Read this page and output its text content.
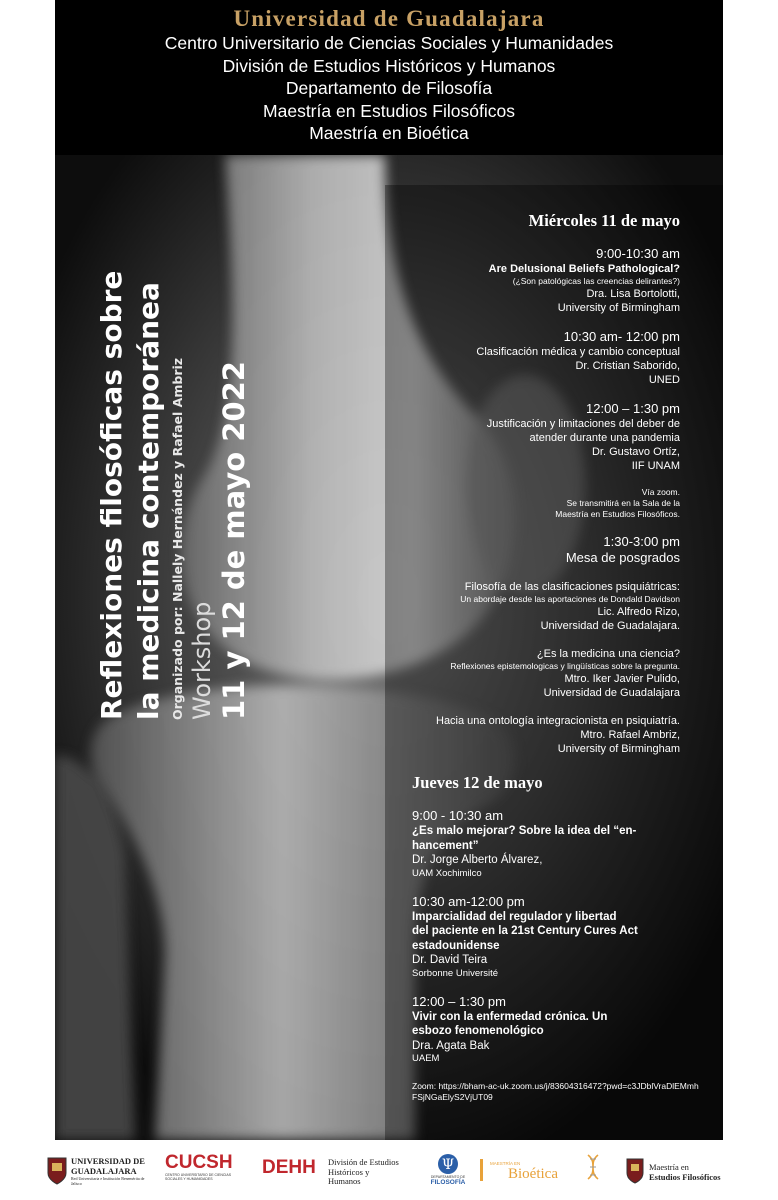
Universidad de Guadalajara
Centro Universitario de Ciencias Sociales y Humanidades
División de Estudios Históricos y Humanos
Departamento de Filosofía
Maestría en Estudios Filosóficos
Maestría en Bioética
Reflexiones filosóficas sobre la medicina contemporánea Organizado por: Nallely Hernández y Rafael Ambriz Workshop 11 y 12 de mayo 2022
Miércoles 11 de mayo
9:00-10:30 am
Are Delusional Beliefs Pathological?
(¿Son patológicas las creencias delirantes?)
Dra. Lisa Bortolotti,
University of Birmingham
10:30 am- 12:00 pm
Clasificación médica y cambio conceptual
Dr. Cristian Saborido,
UNED
12:00 – 1:30 pm
Justificación y limitaciones del deber de
atender durante una pandemia
Dr. Gustavo Ortíz,
IIF UNAM
Vía zoom.
Se transmitirá en la Sala de la
Maestría en Estudios Filosóficos.
1:30-3:00 pm
Mesa de posgrados
Filosofía de las clasificaciones psiquiátricas:
Un abordaje desde las aportaciones de Dondald Davidson
Lic. Alfredo Rizo,
Universidad de Guadalajara.
¿Es la medicina una ciencia?
Reflexiones epistemologicas y lingüísticas sobre la pregunta.
Mtro. Iker Javier Pulido,
Universidad de Guadalajara
Hacia una ontología integracionista en psiquiatría.
Mtro. Rafael Ambriz,
University of Birmingham
Jueves 12 de mayo
9:00 - 10:30 am
¿Es malo mejorar? Sobre la idea del “en-
hancement”
Dr. Jorge Alberto Álvarez,
UAM Xochimilco
10:30 am-12:00 pm
Imparcialidad del regulador y libertad
del paciente en la 21st Century Cures Act
estadounidense
Dr. David Teira
Sorbonne Université
12:00 – 1:30 pm
Vivir con la enfermedad crónica. Un
esbozo fenomenológico
Dra. Agata Bak
UAEM
Zoom: https://bham-ac-uk.zoom.us/j/83604316472?pwd=c3JDblVraDlEMmhFSjNGaElyS2VjUT09
UNIVERSIDAD DE
GUADALAJARA
Red Universitaria e Institución Benemérita de Jalisco
CUCSH
CENTRO UNIVERSITARIO DE CIENCIAS SOCIALES Y HUMANIDADES
DEHH División de Estudios
Históricos y Humanos
Ψ
DEPARTAMENTO DE
FILOSOFÍA
MAESTRÍA EN
Bioética	Maestría en
Estudios Filosóficos
